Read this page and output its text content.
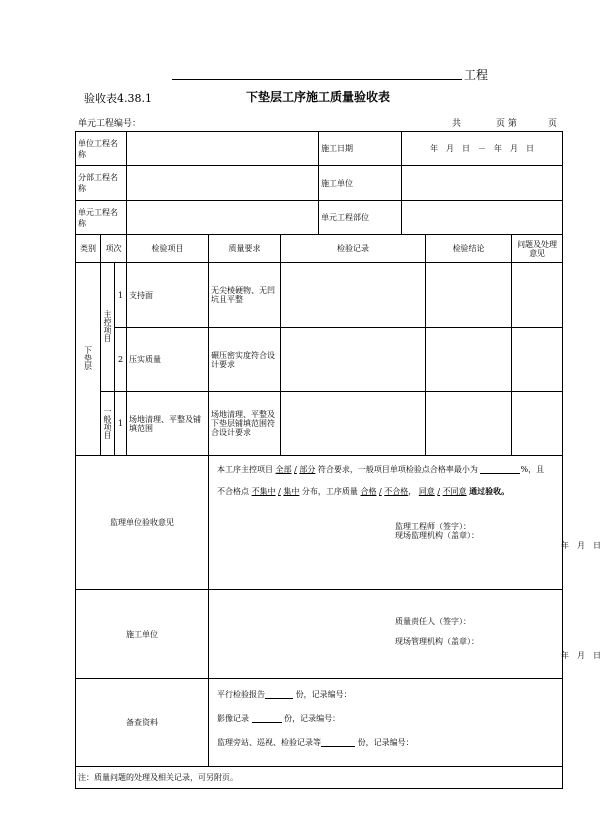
工程
验收表4.38.1	下垫层工序施工质量验收表
单元工程编号：	共	页 第	页
单位工程名称						施工日期	年　月　日　－　年　月　日		
分部工程名称						施工单位			
单元工程名称						单元工程部位			
类别	项次		检验项目	质量要求	检验记录			检验结论	问题及处理意见
下垫层	主控项目	1	支持面	无尖棱硬物、无凹坑且平整					
		2	压实质量	碾压密实度符合设计要求					
	一般项目	1	场地清理、平整及铺填范围	场地清理、平整及下垫层铺填范围符合设计要求					
监理单位验收意见				本工序主控项目 全部 / 部分 符合要求，一般项目单项检验点合格率最小为 %，且
不合格点 不集中 / 集中 分布，工序质量 合格 / 不合格， 同意 / 不同意 通过验收。
监理工程师（签字）：
现场监理机构（盖章）：
年　月　日					

施工单位				质量责任人（签字）：
现场管理机构（盖章）：
年　月　日					

备查资料				平行检验报告 份，记录编号：
影像记录 份，记录编号：
监理旁站、巡视、检验记录等 份，记录编号：					

注：质量问题的处理及相关记录，可另附页。									
